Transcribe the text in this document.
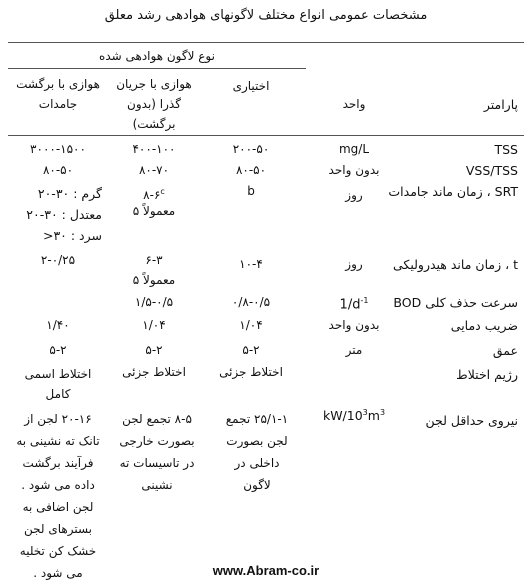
مشخصات عمومی انواع مختلف لاگونهای هوادهی رشد معلق
نوع لاگون هوادهی شده
پارامتر
واحد
اختیاری
هوازی با جریان گذرا (بدون برگشت)
هوازی با برگشت جامدات
TSS
mg/L
۲۰۰-۵۰
۴۰۰-۱۰۰
۳۰۰۰-۱۵۰۰
VSS/TSS
بدون واحد
۸۰-۵۰
۸۰-۷۰
۸۰-۵۰
SRT ، زمان ماند جامدات
روز
b
۸-۶$^c$
معمولاً ۵
گرم : ۳۰-۲۰ معتدل : ۳۰-۲۰ سرد : ۳۰<
t ، زمان ماند هیدرولیکی
روز
۱۰-۴
۶-۳
معمولاً ۵
۲-۰/۲۵
سرعت حذف کلی BOD
$1/d^{-1}$
۰/۸-۰/۵
۱/۵-۰/۵
ضریب دمایی
بدون واحد
۱/۰۴
۱/۰۴
۱/۴۰
عمق
متر
۵-۲
۵-۲
۵-۲
رژیم اختلاط
اختلاط جزئی
اختلاط جزئی
اختلاط اسمی کامل
نیروی حداقل لجن
$kW/10^3m^3$
۲۵/۱-۱ تجمع لجن بصورت داخلی در لاگون
۸-۵ تجمع لجن بصورت خارجی در تاسیسات ته نشینی
۲۰-۱۶ لجن از تانک ته نشینی به فرآیند برگشت داده می شود . لجن اضافی به بسترهای لجن خشک کن تخلیه می شود .	www.Abram-co.ir
